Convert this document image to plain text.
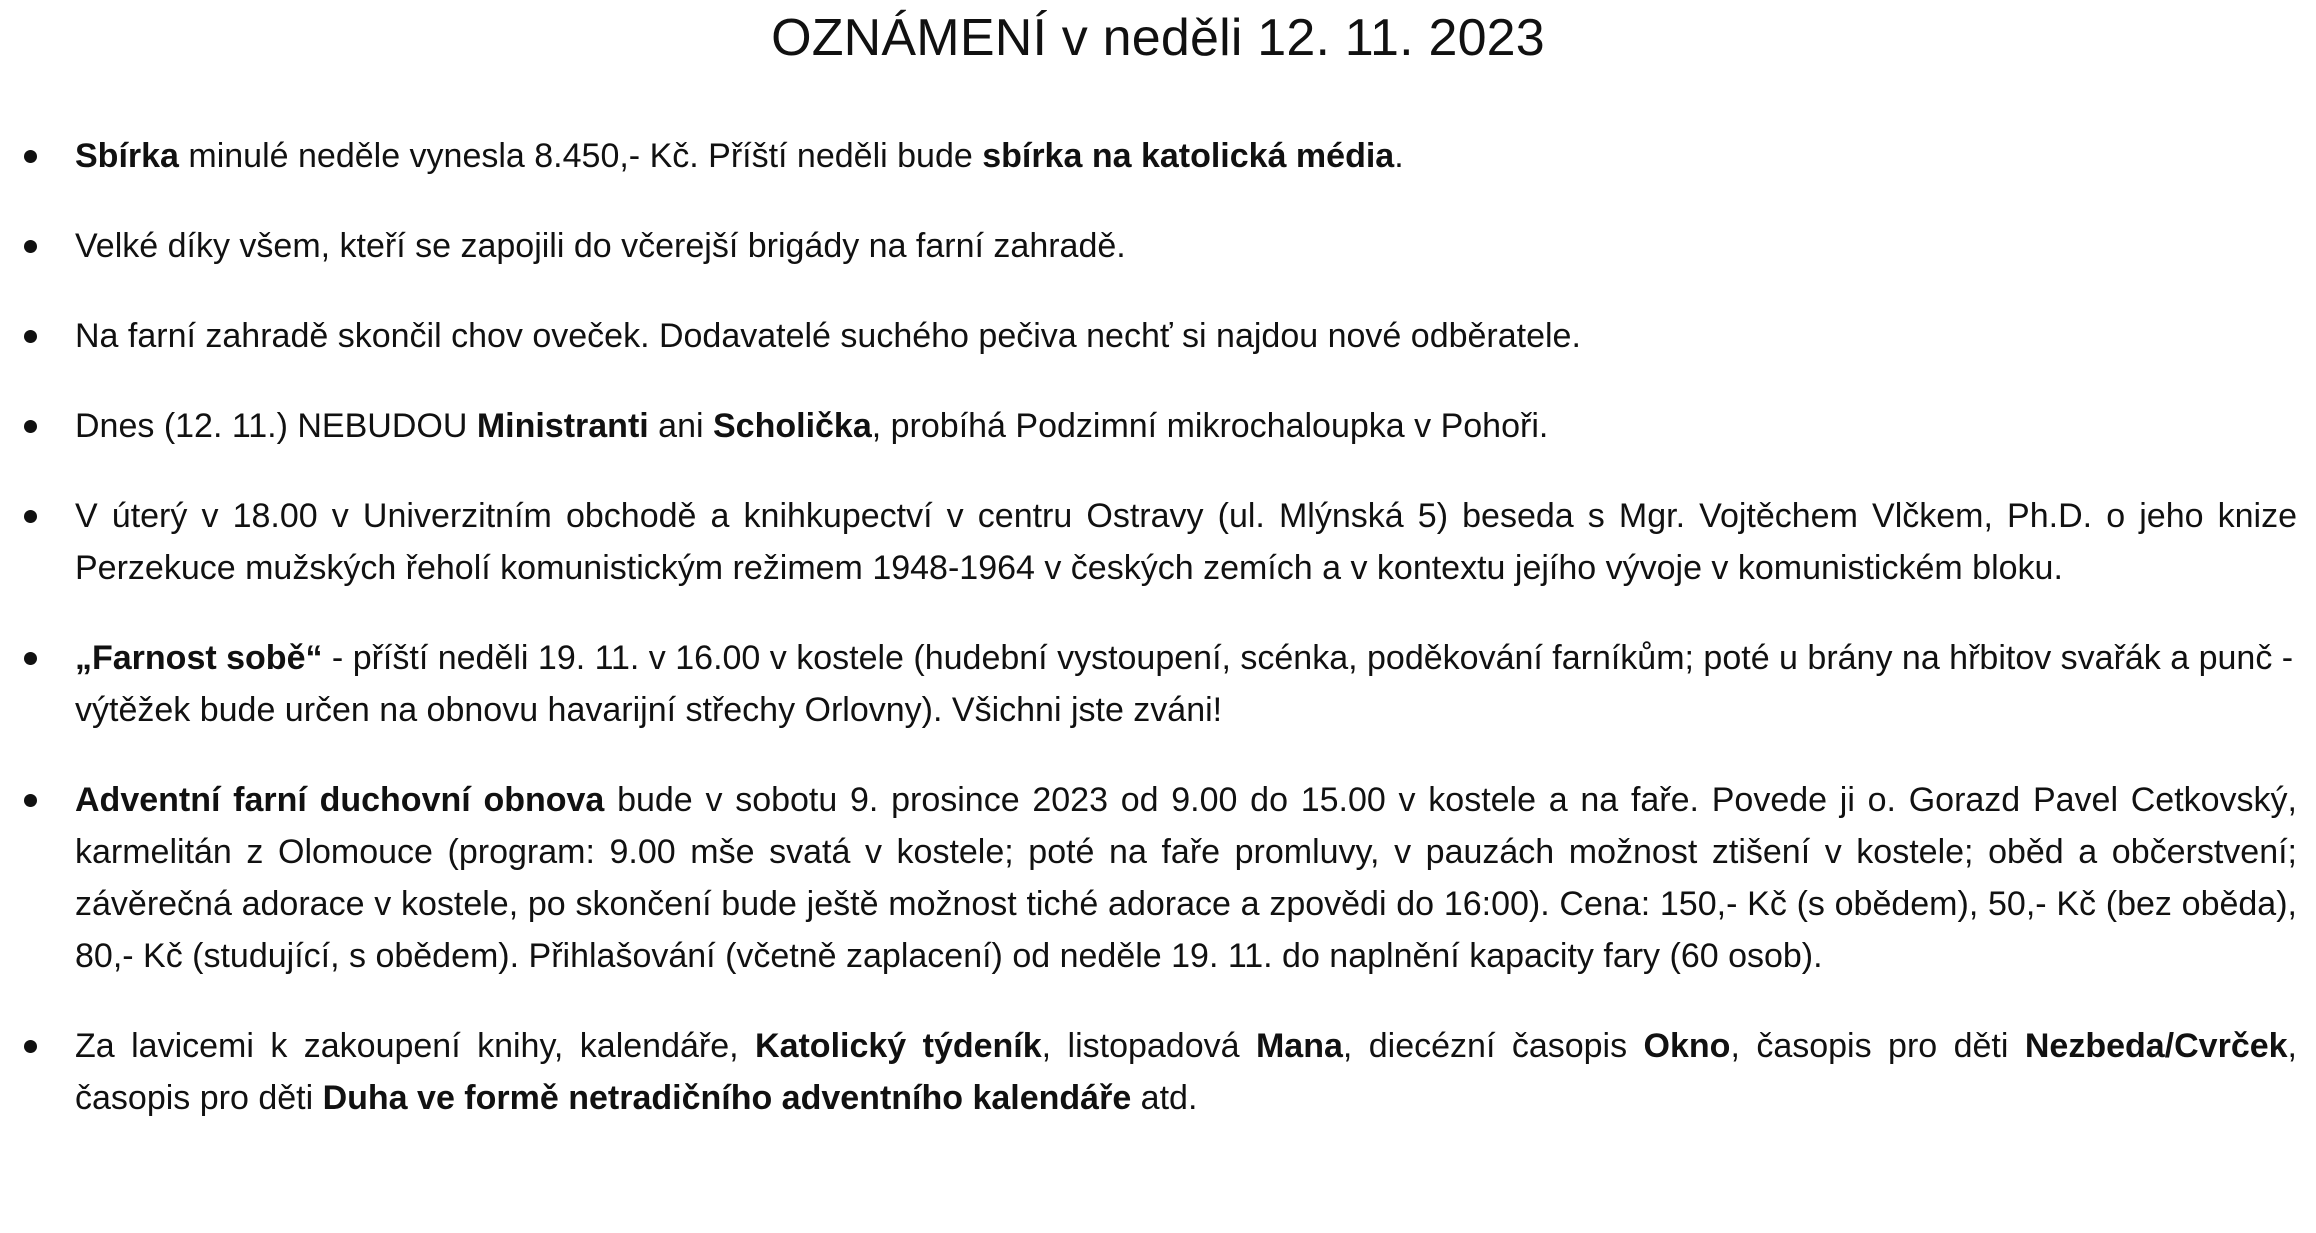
OZNÁMENÍ v neděli 12. 11. 2023
Sbírka minulé neděle vynesla 8.450,- Kč. Příští neděli bude sbírka na katolická média.
Velké díky všem, kteří se zapojili do včerejší brigády na farní zahradě.
Na farní zahradě skončil chov oveček. Dodavatelé suchého pečiva nechť si najdou nové odběratele.
Dnes (12. 11.) NEBUDOU Ministranti ani Scholička, probíhá Podzimní mikrochaloupka v Pohoři.
V úterý v 18.00 v Univerzitním obchodě a knihkupectví v centru Ostravy (ul. Mlýnská 5) beseda s Mgr. Vojtěchem Vlčkem, Ph.D. o jeho knize Perzekuce mužských řeholí komunistickým režimem 1948-1964 v českých zemích a v kontextu jejího vývoje v komunistickém bloku.
„Farnost sobě“ - příští neděli 19. 11. v 16.00 v kostele (hudební vystoupení, scénka, poděkování farníkům; poté u brány na hřbitov svařák a punč - výtěžek bude určen na obnovu havarijní střechy Orlovny). Všichni jste zváni!
Adventní farní duchovní obnova bude v sobotu 9. prosince 2023 od 9.00 do 15.00 v kostele a na faře. Povede ji o. Gorazd Pavel Cetkovský, karmelitán z Olomouce (program: 9.00 mše svatá v kostele; poté na faře promluvy, v pauzách možnost ztišení v kostele; oběd a občerstvení; závěrečná adorace v kostele, po skončení bude ještě možnost tiché adorace a zpovědi do 16:00). Cena: 150,- Kč (s obědem), 50,- Kč (bez oběda), 80,- Kč (studující, s obědem). Přihlašování (včetně zaplacení) od neděle 19. 11. do naplnění kapacity fary (60 osob).
Za lavicemi k zakoupení knihy, kalendáře, Katolický týdeník, listopadová Mana, diecézní časopis Okno, časopis pro děti Nezbeda/Cvrček, časopis pro děti Duha ve formě netradičního adventního kalendáře atd.
